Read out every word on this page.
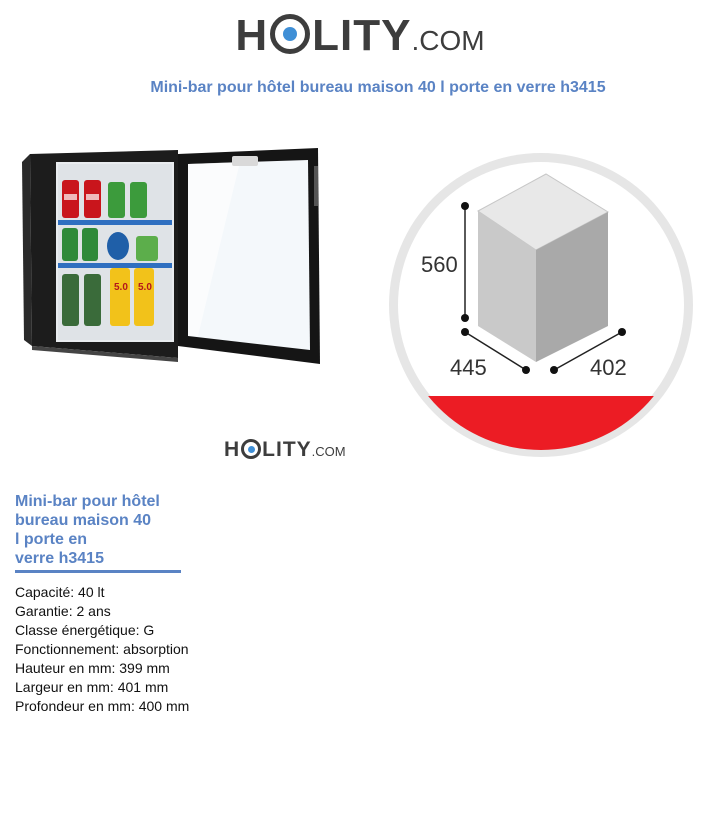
H LITY .COM
Mini-bar pour hôtel bureau maison 40 l porte en verre h3415
5.0 5.0
560
445	402
H LITY .COM
Mini-bar pour hôtel
bureau maison 40
l porte en
verre h3415
Capacité: 40 lt
Garantie: 2 ans
Classe énergétique: G
Fonctionnement: absorption
Hauteur en mm: 399 mm
Largeur en mm: 401 mm
Profondeur en mm: 400 mm
